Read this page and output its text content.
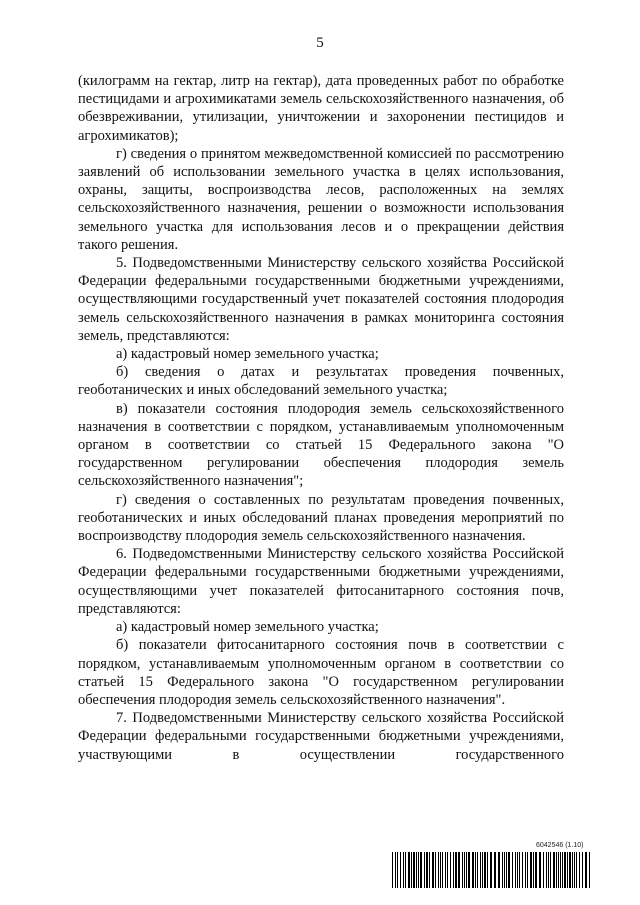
5

(килограмм на гектар, литр на гектар), дата проведенных работ по обработке пестицидами и агрохимикатами земель сельскохозяйственного назначения, об обезвреживании, утилизации, уничтожении и захоронении пестицидов и агрохимикатов);

г) сведения о принятом межведомственной комиссией по рассмотрению заявлений об использовании земельного участка в целях использования, охраны, защиты, воспроизводства лесов, расположенных на землях сельскохозяйственного назначения, решении о возможности использования земельного участка для использования лесов и о прекращении действия такого решения.

5. Подведомственными Министерству сельского хозяйства Российской Федерации федеральными государственными бюджетными учреждениями, осуществляющими государственный учет показателей состояния плодородия земель сельскохозяйственного назначения в рамках мониторинга состояния земель, представляются:

а) кадастровый номер земельного участка;

б) сведения о датах и результатах проведения почвенных, геоботанических и иных обследований земельного участка;

в) показатели состояния плодородия земель сельскохозяйственного назначения в соответствии с порядком, устанавливаемым уполномоченным органом в соответствии со статьей 15 Федерального закона "О государственном регулировании обеспечения плодородия земель сельскохозяйственного назначения";

г) сведения о составленных по результатам проведения почвенных, геоботанических и иных обследований планах проведения мероприятий по воспроизводству плодородия земель сельскохозяйственного назначения.

6. Подведомственными Министерству сельского хозяйства Российской Федерации федеральными государственными бюджетными учреждениями, осуществляющими учет показателей фитосанитарного состояния почв, представляются:

а) кадастровый номер земельного участка;

б) показатели фитосанитарного состояния почв в соответствии с порядком, устанавливаемым уполномоченным органом в соответствии со статьей 15 Федерального закона "О государственном регулировании обеспечения плодородия земель сельскохозяйственного назначения".

7. Подведомственными Министерству сельского хозяйства Российской Федерации федеральными государственными бюджетными учреждениями, участвующими в осуществлении государственного

6042546 (1.10)
